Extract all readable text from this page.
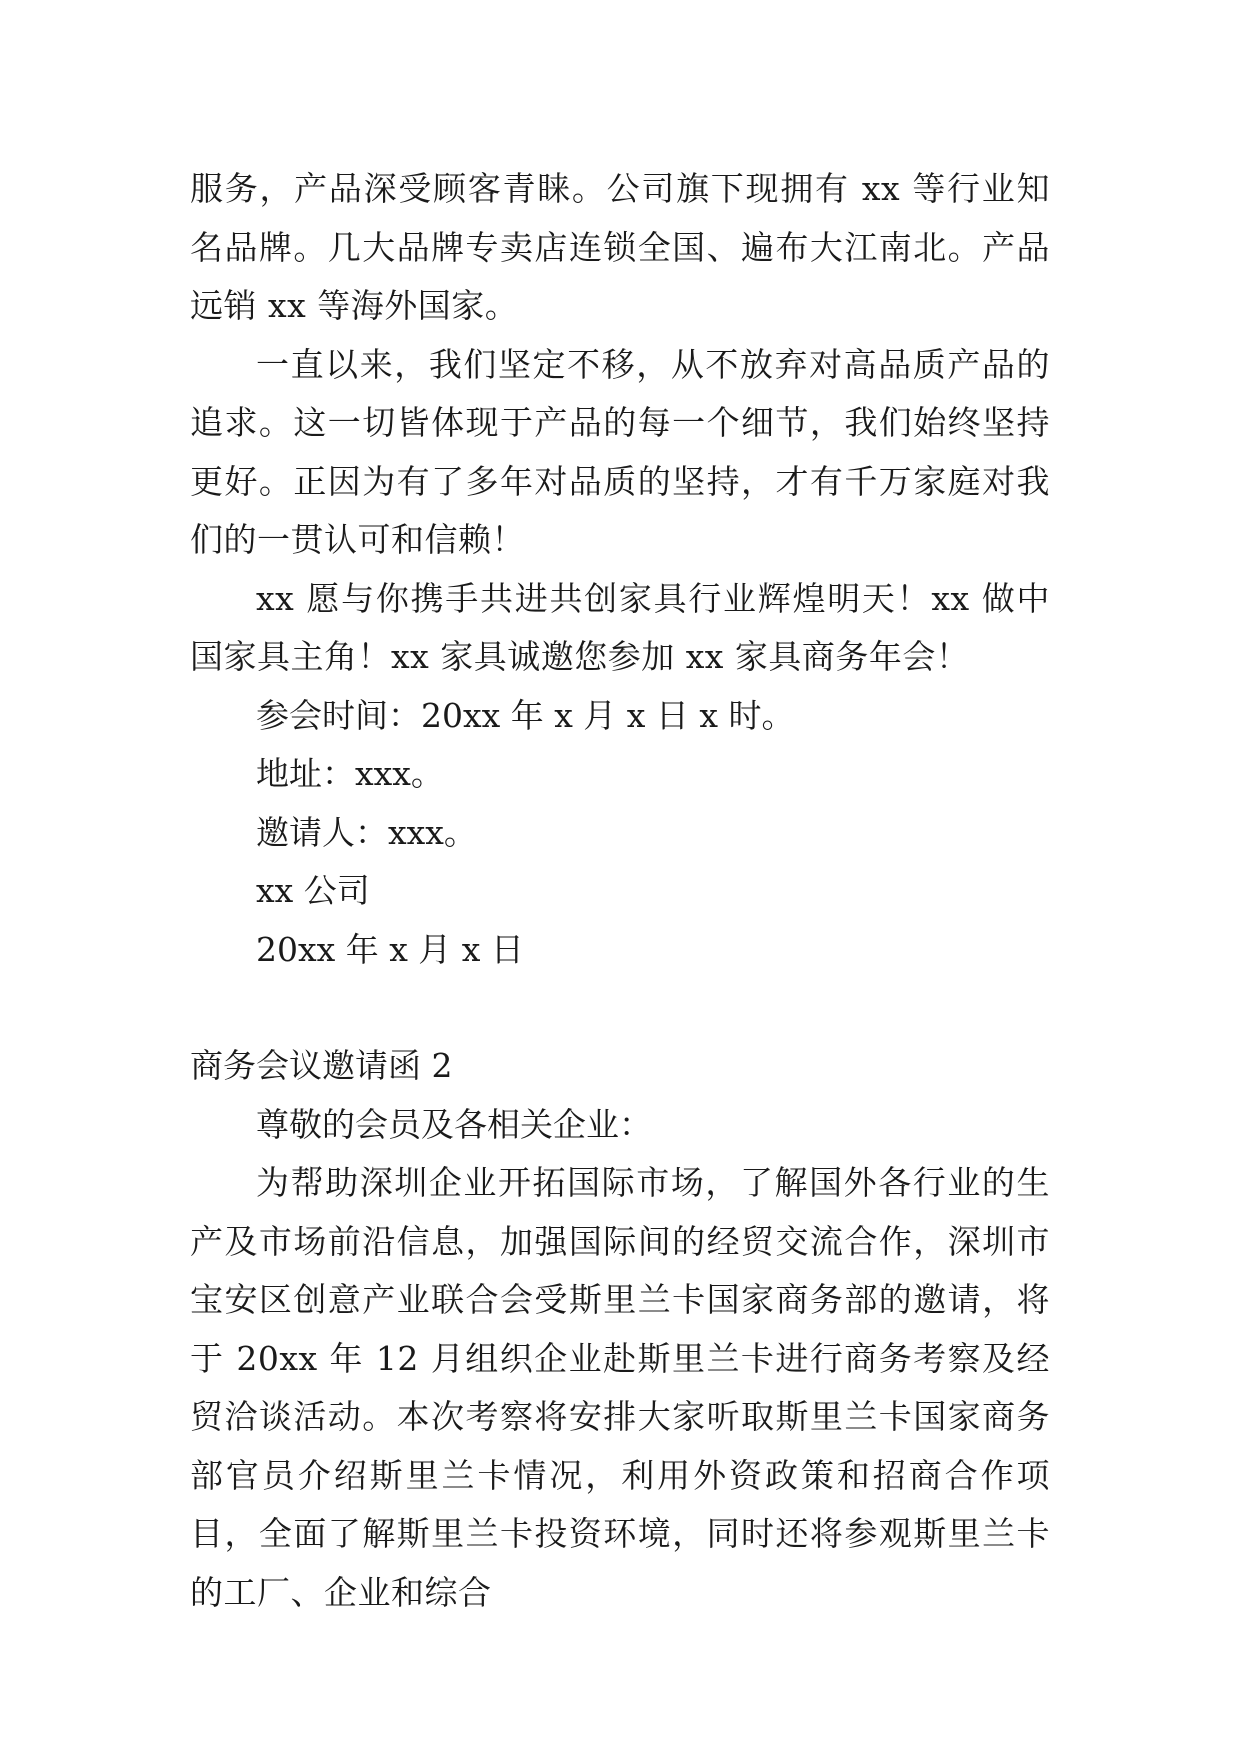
服务，产品深受顾客青睐。公司旗下现拥有 xx 等行业知名品牌。几大品牌专卖店连锁全国、遍布大江南北。产品远销 xx 等海外国家。

一直以来，我们坚定不移，从不放弃对高品质产品的追求。这一切皆体现于产品的每一个细节，我们始终坚持更好。正因为有了多年对品质的坚持，才有千万家庭对我们的一贯认可和信赖！

xx 愿与你携手共进共创家具行业辉煌明天！xx 做中国家具主角！xx 家具诚邀您参加 xx 家具商务年会！

参会时间：20xx 年 x 月 x 日 x 时。

地址：xxx。

邀请人：xxx。

xx 公司

20xx 年 x 月 x 日

商务会议邀请函 2

尊敬的会员及各相关企业：

为帮助深圳企业开拓国际市场，了解国外各行业的生产及市场前沿信息，加强国际间的经贸交流合作，深圳市宝安区创意产业联合会受斯里兰卡国家商务部的邀请，将于 20xx 年 12 月组织企业赴斯里兰卡进行商务考察及经贸洽谈活动。本次考察将安排大家听取斯里兰卡国家商务部官员介绍斯里兰卡情况，利用外资政策和招商合作项目，全面了解斯里兰卡投资环境，同时还将参观斯里兰卡的工厂、企业和综合
